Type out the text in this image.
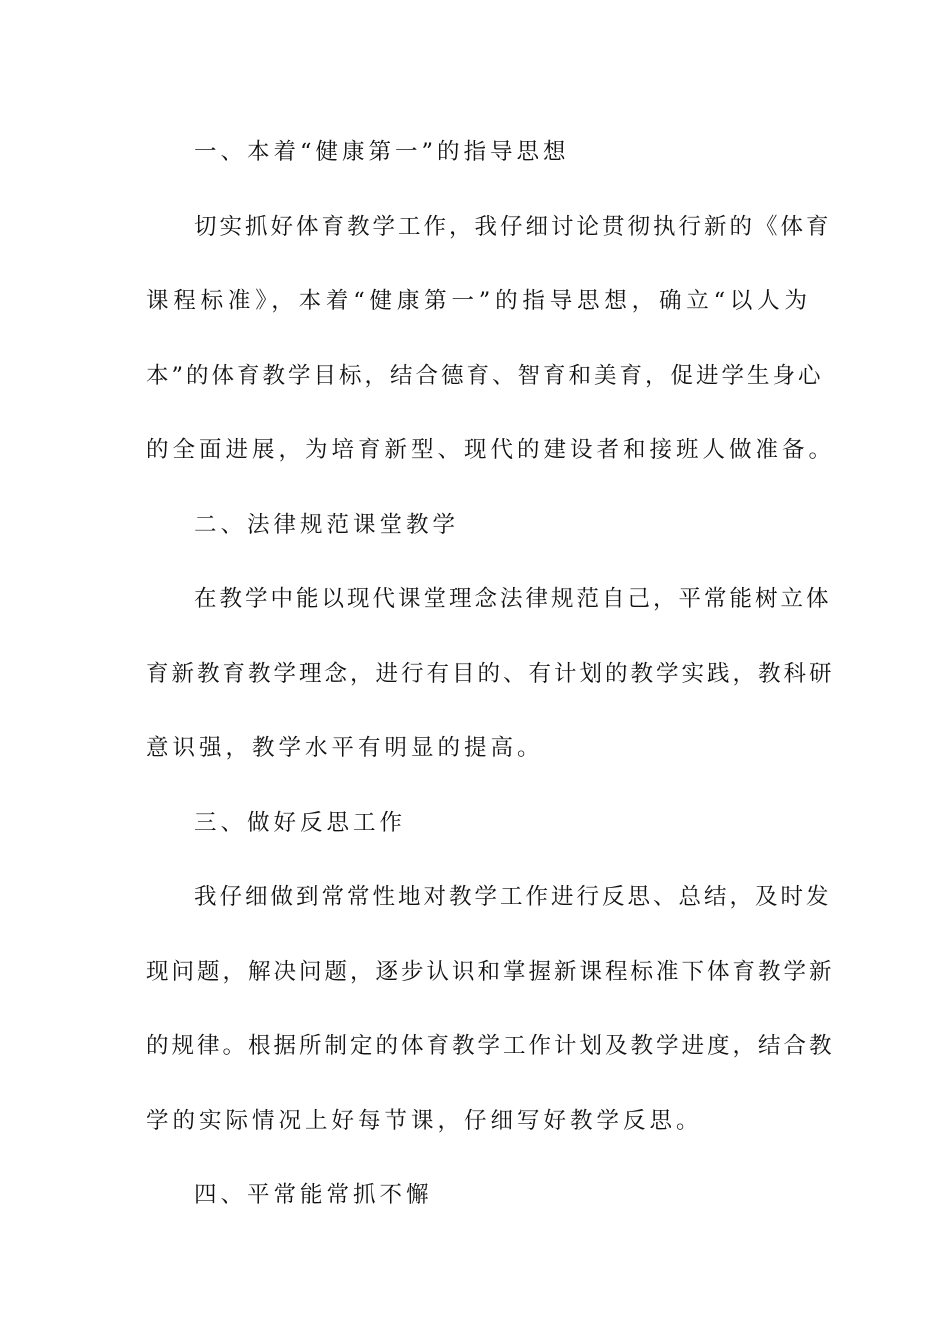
一、本着“健康第一”的指导思想
切实抓好体育教学工作，我仔细讨论贯彻执行新的《体育
课程标准》，本着“健康第一”的指导思想，确立“以人为
本”的体育教学目标，结合德育、智育和美育，促进学生身心
的全面进展，为培育新型、现代的建设者和接班人做准备。
二、法律规范课堂教学
在教学中能以现代课堂理念法律规范自己，平常能树立体
育新教育教学理念，进行有目的、有计划的教学实践，教科研
意识强，教学水平有明显的提高。
三、做好反思工作
我仔细做到常常性地对教学工作进行反思、总结，及时发
现问题，解决问题，逐步认识和掌握新课程标准下体育教学新
的规律。根据所制定的体育教学工作计划及教学进度，结合教
学的实际情况上好每节课，仔细写好教学反思。
四、平常能常抓不懈
